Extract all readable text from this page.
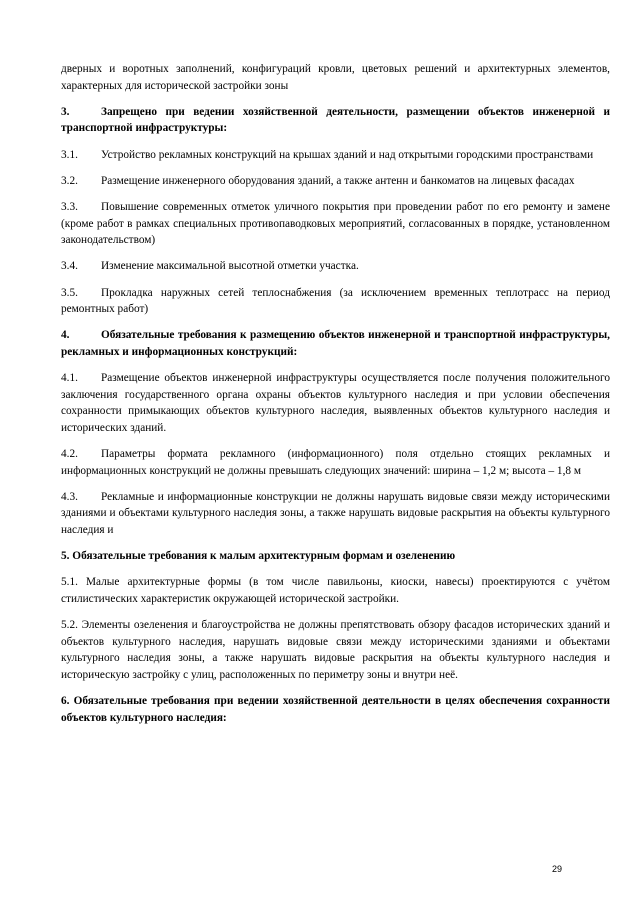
дверных и воротных заполнений, конфигураций кровли, цветовых решений и архитектурных элементов, характерных для исторической застройки зоны

3.	Запрещено при ведении хозяйственной деятельности, размещении объектов инженерной и транспортной инфраструктуры:

3.1. Устройство рекламных конструкций на крышах зданий и над открытыми городскими пространствами

3.2. Размещение инженерного оборудования зданий, а также антенн и банкоматов на лицевых фасадах

3.3. Повышение современных отметок уличного покрытия при проведении работ по его ремонту и замене (кроме работ в рамках специальных противопаводковых мероприятий, согласованных в порядке, установленном законодательством)

3.4. Изменение максимальной высотной отметки участка.

3.5. Прокладка наружных сетей теплоснабжения (за исключением временных теплотрасс на период ремонтных работ)

4.	Обязательные требования к размещению объектов инженерной и транспортной инфраструктуры, рекламных и информационных конструкций:

4.1. Размещение объектов инженерной инфраструктуры осуществляется после получения положительного заключения государственного органа охраны объектов культурного наследия и при условии обеспечения сохранности примыкающих объектов культурного наследия, выявленных объектов культурного наследия и исторических зданий.

4.2. Параметры формата рекламного (информационного) поля отдельно стоящих рекламных и информационных конструкций не должны превышать следующих значений: ширина – 1,2 м; высота – 1,8 м

4.3. Рекламные и информационные конструкции не должны нарушать видовые связи между историческими зданиями и объектами культурного наследия зоны, а также нарушать видовые раскрытия на объекты культурного наследия и

5. Обязательные требования к малым архитектурным формам и озеленению

5.1. Малые архитектурные формы (в том числе павильоны, киоски, навесы) проектируются с учётом стилистических характеристик окружающей исторической застройки.

5.2. Элементы озеленения и благоустройства не должны препятствовать обзору фасадов исторических зданий и объектов культурного наследия, нарушать видовые связи между историческими зданиями и объектами культурного наследия зоны, а также нарушать видовые раскрытия на объекты культурного наследия и историческую застройку с улиц, расположенных по периметру зоны и внутри неё.

6. Обязательные требования при ведении хозяйственной деятельности в целях обеспечения сохранности объектов культурного наследия:

29
